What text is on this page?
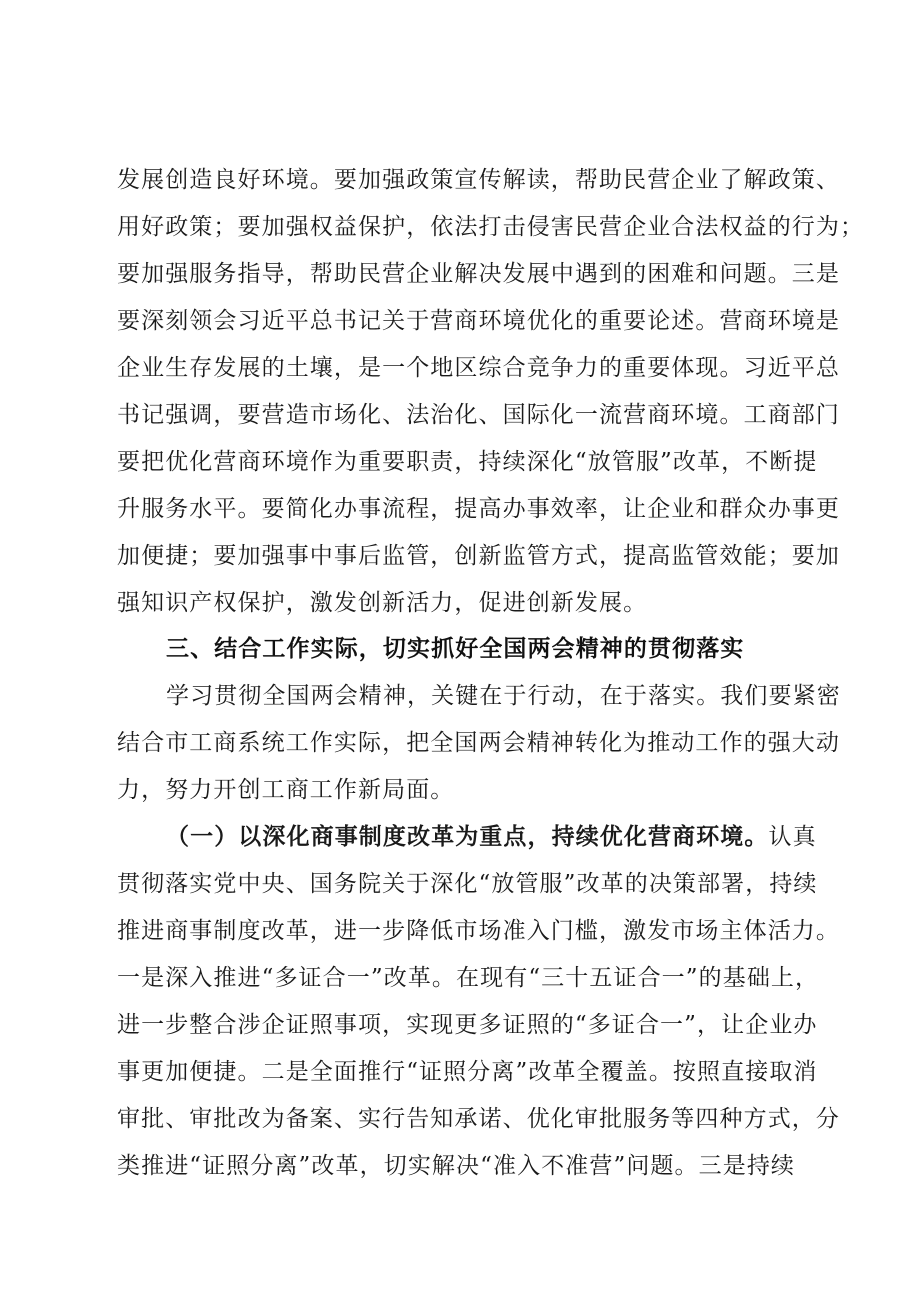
发展创造良好环境。要加强政策宣传解读，帮助民营企业了解政策、
用好政策；要加强权益保护，依法打击侵害民营企业合法权益的行为；
要加强服务指导，帮助民营企业解决发展中遇到的困难和问题。三是
要深刻领会习近平总书记关于营商环境优化的重要论述。营商环境是
企业生存发展的土壤，是一个地区综合竞争力的重要体现。习近平总
书记强调，要营造市场化、法治化、国际化一流营商环境。工商部门
要把优化营商环境作为重要职责，持续深化“放管服”改革，不断提
升服务水平。要简化办事流程，提高办事效率，让企业和群众办事更
加便捷；要加强事中事后监管，创新监管方式，提高监管效能；要加
强知识产权保护，激发创新活力，促进创新发展。
三、结合工作实际，切实抓好全国两会精神的贯彻落实
学习贯彻全国两会精神，关键在于行动，在于落实。我们要紧密
结合市工商系统工作实际，把全国两会精神转化为推动工作的强大动
力，努力开创工商工作新局面。
（一）以深化商事制度改革为重点，持续优化营商环境。认真
贯彻落实党中央、国务院关于深化“放管服”改革的决策部署，持续
推进商事制度改革，进一步降低市场准入门槛，激发市场主体活力。
一是深入推进“多证合一”改革。在现有“三十五证合一”的基础上，
进一步整合涉企证照事项，实现更多证照的“多证合一”，让企业办
事更加便捷。二是全面推行“证照分离”改革全覆盖。按照直接取消
审批、审批改为备案、实行告知承诺、优化审批服务等四种方式，分
类推进“证照分离”改革，切实解决“准入不准营”问题。三是持续
